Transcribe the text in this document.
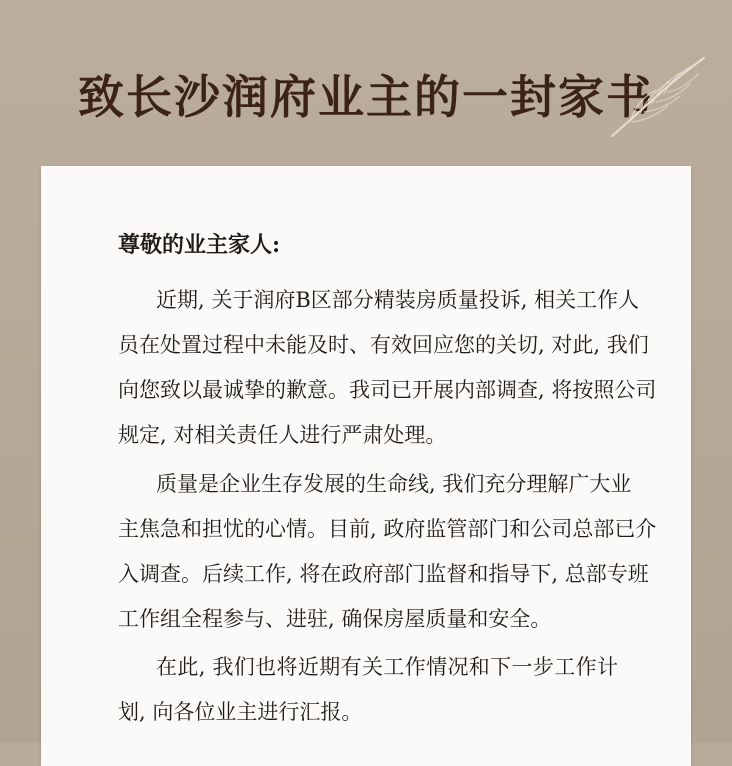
致长沙润府业主的一封家书
尊敬的业主家人:
近期, 关于润府B区部分精装房质量投诉, 相关工作人
员在处置过程中未能及时、有效回应您的关切, 对此, 我们
向您致以最诚挚的歉意。我司已开展内部调查, 将按照公司
规定, 对相关责任人进行严肃处理。
质量是企业生存发展的生命线, 我们充分理解广大业
主焦急和担忧的心情。目前, 政府监管部门和公司总部已介
入调查。后续工作, 将在政府部门监督和指导下, 总部专班
工作组全程参与、进驻, 确保房屋质量和安全。
在此, 我们也将近期有关工作情况和下一步工作计
划, 向各位业主进行汇报。
